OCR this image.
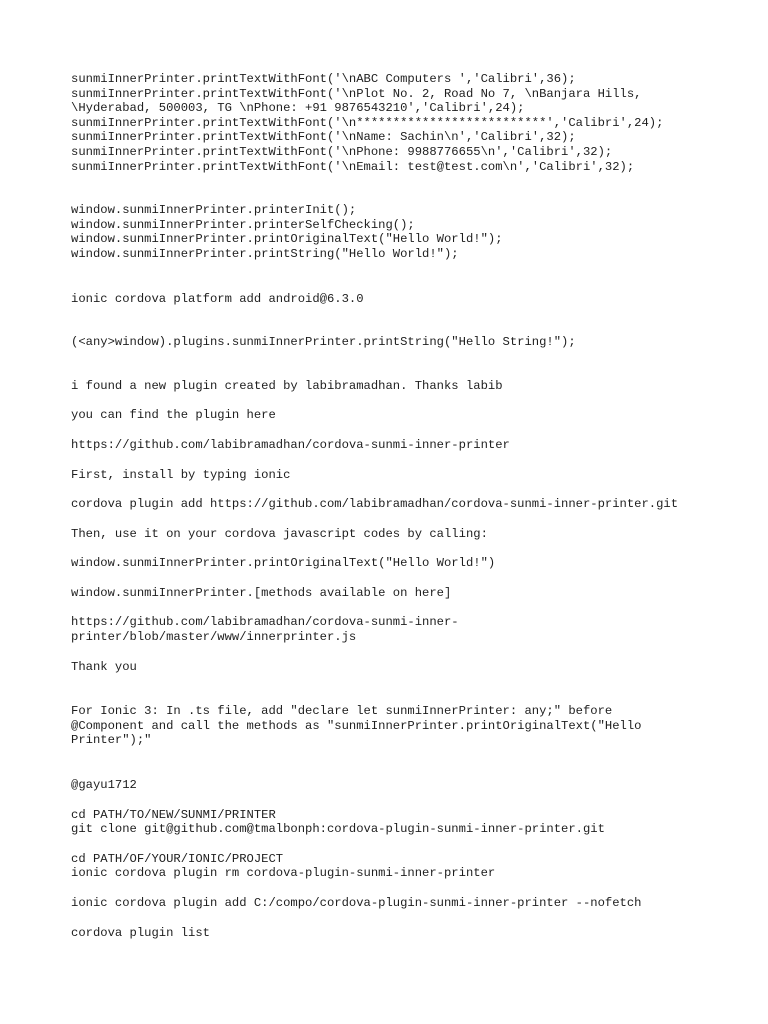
sunmiInnerPrinter.printTextWithFont('\nABC Computers ','Calibri',36);
sunmiInnerPrinter.printTextWithFont('\nPlot No. 2, Road No 7, \nBanjara Hills,
\Hyderabad, 500003, TG \nPhone: +91 9876543210','Calibri',24);
sunmiInnerPrinter.printTextWithFont('\n**************************','Calibri',24);
sunmiInnerPrinter.printTextWithFont('\nName: Sachin\n','Calibri',32);
sunmiInnerPrinter.printTextWithFont('\nPhone: 9988776655\n','Calibri',32);
sunmiInnerPrinter.printTextWithFont('\nEmail: test@test.com\n','Calibri',32);
window.sunmiInnerPrinter.printerInit();
window.sunmiInnerPrinter.printerSelfChecking();
window.sunmiInnerPrinter.printOriginalText("Hello World!");
window.sunmiInnerPrinter.printString("Hello World!");
ionic cordova platform add android@6.3.0
(<any>window).plugins.sunmiInnerPrinter.printString("Hello String!");
i found a new plugin created by labibramadhan. Thanks labib
you can find the plugin here
https://github.com/labibramadhan/cordova-sunmi-inner-printer
First, install by typing ionic
cordova plugin add https://github.com/labibramadhan/cordova-sunmi-inner-printer.git
Then, use it on your cordova javascript codes by calling:
window.sunmiInnerPrinter.printOriginalText("Hello World!")
window.sunmiInnerPrinter.[methods available on here]
https://github.com/labibramadhan/cordova-sunmi-inner-
printer/blob/master/www/innerprinter.js
Thank you
For Ionic 3: In .ts file, add "declare let sunmiInnerPrinter: any;" before
@Component and call the methods as "sunmiInnerPrinter.printOriginalText("Hello
Printer");"
@gayu1712
cd PATH/TO/NEW/SUNMI/PRINTER
git clone git@github.com@tmalbonph:cordova-plugin-sunmi-inner-printer.git
cd PATH/OF/YOUR/IONIC/PROJECT
ionic cordova plugin rm cordova-plugin-sunmi-inner-printer
ionic cordova plugin add C:/compo/cordova-plugin-sunmi-inner-printer --nofetch
cordova plugin list
